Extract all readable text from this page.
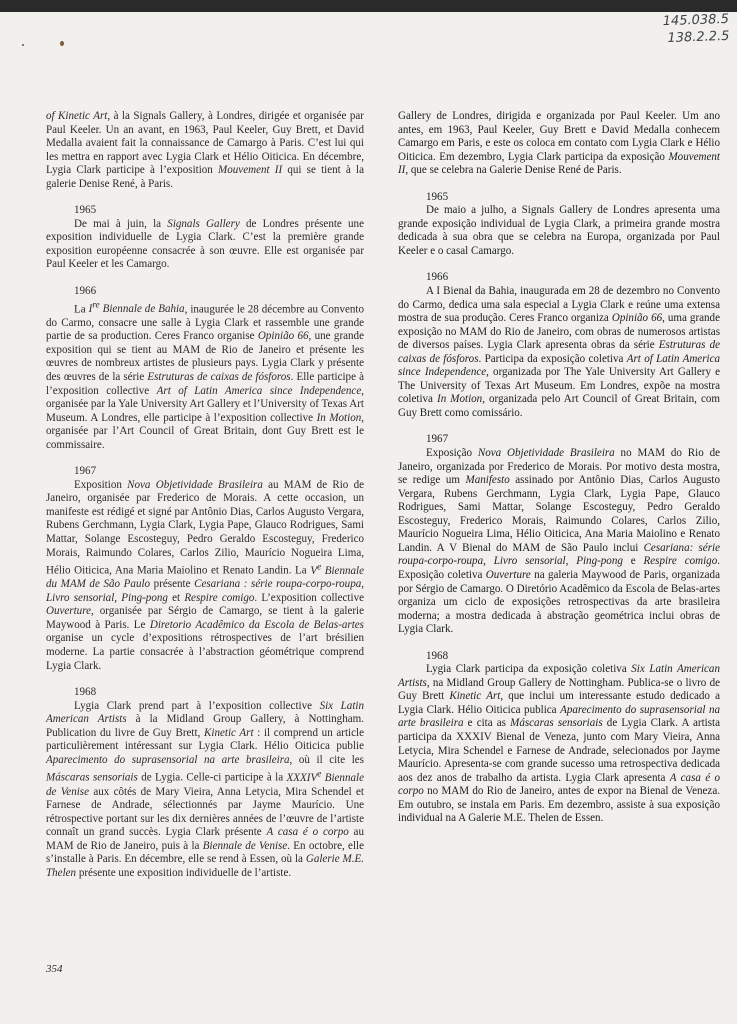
145.038.5
138.2.2.5

of Kinetic Art, à la Signals Gallery, à Londres, dirigée et organisée par Paul Keeler. Un an avant, en 1963, Paul Keeler, Guy Brett, et David Medalla avaient fait la connaissance de Camargo à Paris. C’est lui qui les mettra en rapport avec Lygia Clark et Hélio Oiticica. En décembre, Lygia Clark participe à l’exposition Mouvement II qui se tient à la galerie Denise René, à Paris.

1965

De mai à juin, la Signals Gallery de Londres présente une exposition individuelle de Lygia Clark. C’est la première grande exposition européenne consacrée à son œuvre. Elle est organisée par Paul Keeler et les Camargo.

1966

La Ire Biennale de Bahia, inaugurée le 28 décembre au Convento do Carmo, consacre une salle à Lygia Clark et rassemble une grande partie de sa production. Ceres Franco organise Opinião 66, une grande exposition qui se tient au MAM de Rio de Janeiro et présente les œuvres de nombreux artistes de plusieurs pays. Lygia Clark y présente des œuvres de la série Estruturas de caixas de fósforos. Elle participe à l’exposition collective Art of Latin America since Independence, organisée par la Yale University Art Gallery et l’University of Texas Art Museum. A Londres, elle participe à l’exposition collective In Motion, organisée par l’Art Council of Great Britain, dont Guy Brett est le commissaire.

1967

Exposition Nova Objetividade Brasileira au MAM de Rio de Janeiro, organisée par Frederico de Morais. A cette occasion, un manifeste est rédigé et signé par Antônio Dias, Carlos Augusto Vergara, Rubens Gerchmann, Lygia Clark, Lygia Pape, Glauco Rodrigues, Sami Mattar, Solange Escosteguy, Pedro Geraldo Escosteguy, Frederico Morais, Raimundo Colares, Carlos Zilio, Maurício Nogueira Lima, Hélio Oiticica, Ana Maria Maiolino et Renato Landin. La Ve Biennale du MAM de São Paulo présente Cesariana : série roupa-corpo-roupa, Livro sensorial, Ping-pong et Respire comigo. L’exposition collective Ouverture, organisée par Sérgio de Camargo, se tient à la galerie Maywood à Paris. Le Diretorio Acadêmico da Escola de Belas-artes organise un cycle d’expositions rétrospectives de l’art brésilien moderne. La partie consacrée à l’abstraction géométrique comprend Lygia Clark.

1968

Lygia Clark prend part à l’exposition collective Six Latin American Artists à la Midland Group Gallery, à Nottingham. Publication du livre de Guy Brett, Kinetic Art : il comprend un article particulièrement intéressant sur Lygia Clark. Hélio Oiticica publie Aparecimento do suprasensorial na arte brasileira, où il cite les Máscaras sensoriais de Lygia. Celle-ci participe à la XXXIVe Biennale de Venise aux côtés de Mary Vieira, Anna Letycia, Mira Schendel et Farnese de Andrade, sélectionnés par Jayme Maurício. Une rétrospective portant sur les dix dernières années de l’œuvre de l’artiste connaît un grand succès. Lygia Clark présente A casa é o corpo au MAM de Rio de Janeiro, puis à la Biennale de Venise. En octobre, elle s’installe à Paris. En décembre, elle se rend à Essen, où la Galerie M.E. Thelen présente une exposition individuelle de l’artiste.

Gallery de Londres, dirigida e organizada por Paul Keeler. Um ano antes, em 1963, Paul Keeler, Guy Brett e David Medalla conhecem Camargo em Paris, e este os coloca em contato com Lygia Clark e Hélio Oiticica. Em dezembro, Lygia Clark participa da exposição Mouvement II, que se celebra na Galerie Denise René de Paris.

1965

De maio a julho, a Signals Gallery de Londres apresenta uma grande exposição individual de Lygia Clark, a primeira grande mostra dedicada à sua obra que se celebra na Europa, organizada por Paul Keeler e o casal Camargo.

1966

A I Bienal da Bahia, inaugurada em 28 de dezembro no Convento do Carmo, dedica uma sala especial a Lygia Clark e reúne uma extensa mostra de sua produção. Ceres Franco organiza Opinião 66, uma grande exposição no MAM do Rio de Janeiro, com obras de numerosos artistas de diversos países. Lygia Clark apresenta obras da série Estruturas de caixas de fósforos. Participa da exposição coletiva Art of Latin America since Independence, organizada por The Yale University Art Gallery e The University of Texas Art Museum. Em Londres, expõe na mostra coletiva In Motion, organizada pelo Art Council of Great Britain, com Guy Brett como comissário.

1967

Exposição Nova Objetividade Brasileira no MAM do Rio de Janeiro, organizada por Frederico de Morais. Por motivo desta mostra, se redige um Manifesto assinado por Antônio Dias, Carlos Augusto Vergara, Rubens Gerchmann, Lygia Clark, Lygia Pape, Glauco Rodrigues, Sami Mattar, Solange Escosteguy, Pedro Geraldo Escosteguy, Frederico Morais, Raimundo Colares, Carlos Zilio, Maurício Nogueira Lima, Hélio Oiticica, Ana Maria Maiolino e Renato Landin. A V Bienal do MAM de São Paulo inclui Cesariana: série roupa-corpo-roupa, Livro sensorial, Ping-pong e Respire comigo. Exposição coletiva Ouverture na galeria Maywood de Paris, organizada por Sérgio de Camargo. O Diretório Acadêmico da Escola de Belas-artes organiza um ciclo de exposições retrospectivas da arte brasileira moderna; a mostra dedicada à abstração geométrica inclui obras de Lygia Clark.

1968

Lygia Clark participa da exposição coletiva Six Latin American Artists, na Midland Group Gallery de Nottingham. Publica-se o livro de Guy Brett Kinetic Art, que inclui um interessante estudo dedicado a Lygia Clark. Hélio Oiticica publica Aparecimento do suprasensorial na arte brasileira e cita as Máscaras sensoriais de Lygia Clark. A artista participa da XXXIV Bienal de Veneza, junto com Mary Vieira, Anna Letycia, Mira Schendel e Farnese de Andrade, selecionados por Jayme Maurício. Apresenta-se com grande sucesso uma retrospectiva dedicada aos dez anos de trabalho da artista. Lygia Clark apresenta A casa é o corpo no MAM do Rio de Janeiro, antes de expor na Bienal de Veneza. Em outubro, se instala em Paris. Em dezembro, assiste à sua exposição individual na A Galerie M.E. Thelen de Essen.

354
